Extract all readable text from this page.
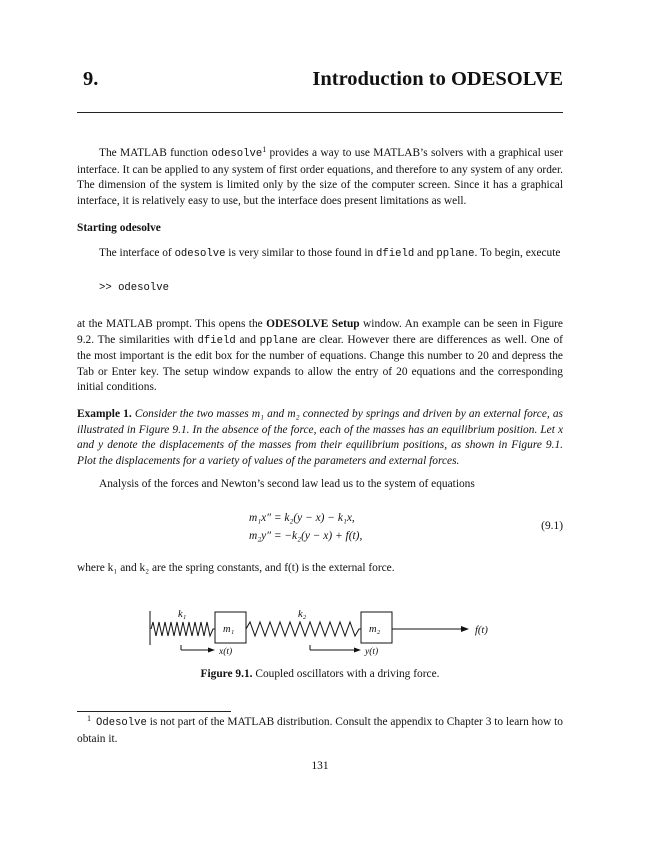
9.	Introduction to ODESOLVE

The MATLAB function odesolve$^1$ provides a way to use MATLAB’s solvers with a graphical user interface. It can be applied to any system of first order equations, and therefore to any system of any order. The dimension of the system is limited only by the size of the computer screen. Since it has a graphical interface, it is relatively easy to use, but the interface does present limitations as well.

Starting odesolve

The interface of odesolve is very similar to those found in dfield and pplane. To begin, execute

>> odesolve

at the MATLAB prompt. This opens the ODESOLVE Setup window. An example can be seen in Figure 9.2. The similarities with dfield and pplane are clear. However there are differences as well. One of the most important is the edit box for the number of equations. Change this number to 20 and depress the Tab or Enter key. The setup window expands to allow the entry of 20 equations and the corresponding initial conditions.

Example 1. Consider the two masses m₁ and m₂ connected by springs and driven by an external force, as illustrated in Figure 9.1. In the absence of the force, each of the masses has an equilibrium position. Let x and y denote the displacements of the masses from their equilibrium positions, as shown in Figure 9.1. Plot the displacements for a variety of values of the parameters and external forces.

Analysis of the forces and Newton’s second law lead us to the system of equations

m₁x″ = k₂(y − x) − k₁x,
m₂y″ = −k₂(y − x) + f(t),
(9.1)

where k₁ and k₂ are the spring constants, and f(t) is the external force.

f(t)
k₁	k₂
m₁	m₂
x(t)	y(t)
Figure 9.1. Coupled oscillators with a driving force.
$^1$ Odesolve is not part of the MATLAB distribution. Consult the appendix to Chapter 3 to learn how to obtain it.
131
